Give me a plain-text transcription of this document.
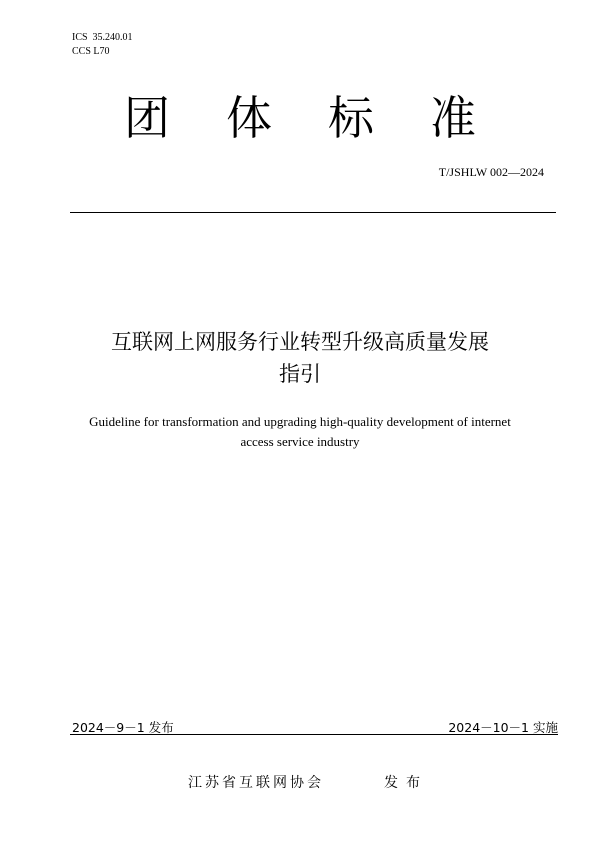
ICS  35.240.01
CCS L70
团体标准
T/JSHLW 002—2024
互联网上网服务行业转型升级高质量发展
指引
Guideline for transformation and upgrading high-quality development of internet
access service industry
2024－9－1 发布	2024－10－1 实施
江苏省互联网协会	发布
